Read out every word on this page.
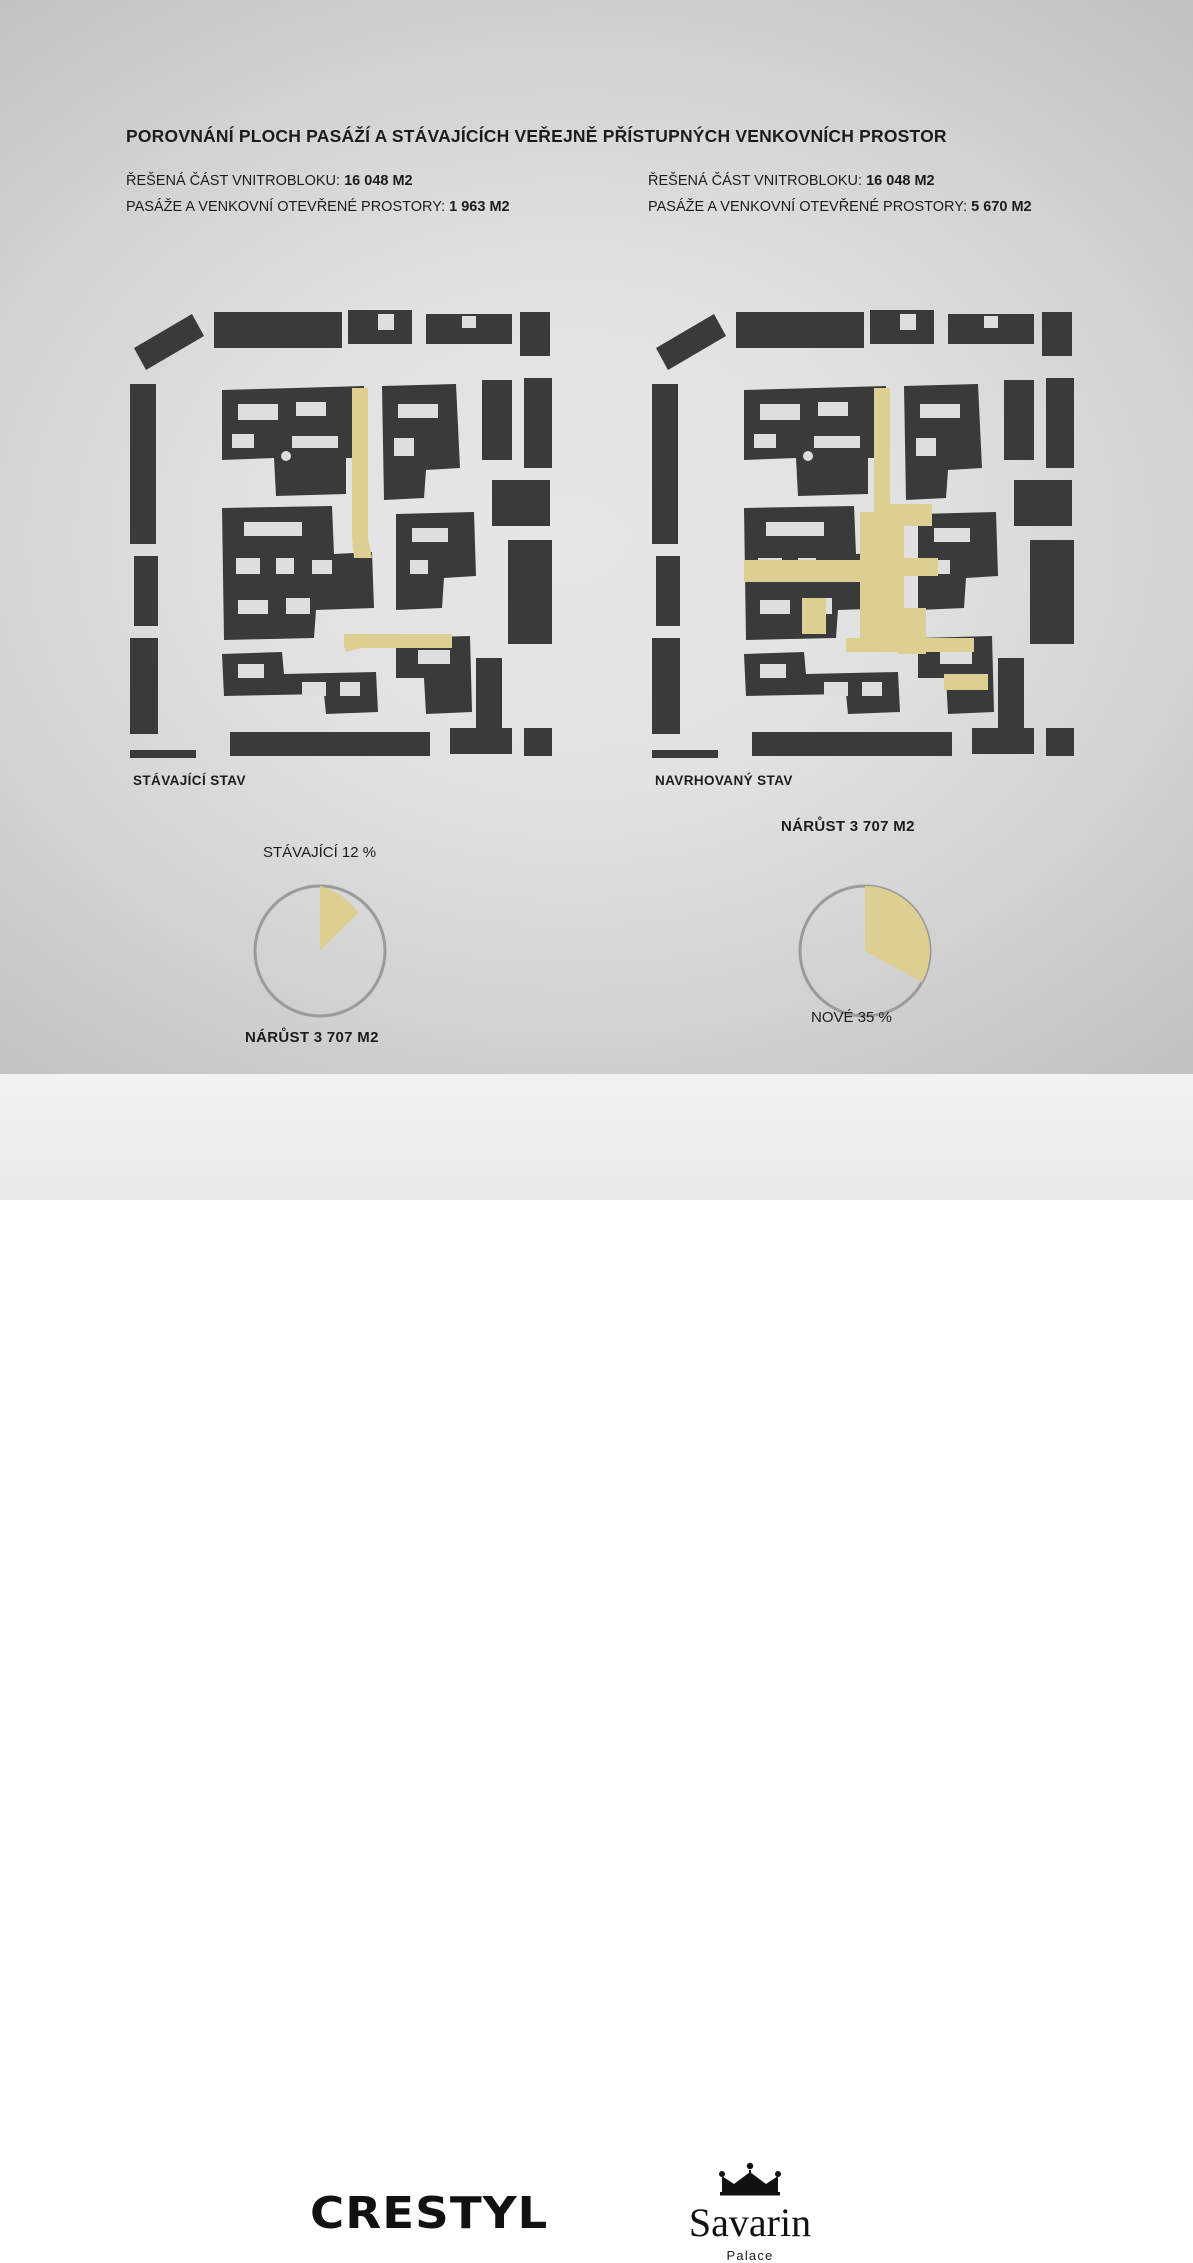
POROVNÁNÍ PLOCH PASÁŽÍ A STÁVAJÍCÍCH VEŘEJNĚ PŘÍSTUPNÝCH VENKOVNÍCH PROSTOR
ŘEŠENÁ ČÁST VNITROBLOKU: 16 048 M2
PASÁŽE A VENKOVNÍ OTEVŘENÉ PROSTORY: 1 963 M2
ŘEŠENÁ ČÁST VNITROBLOKU: 16 048 M2
PASÁŽE A VENKOVNÍ OTEVŘENÉ PROSTORY: 5 670 M2
STÁVAJÍCÍ STAV	NAVRHOVANÝ STAV
STÁVAJÍCÍ 12 %
NÁRŮST 3 707 M2
NÁRŮST 3 707 M2
NOVÉ 35 %
CRESTYL	Savarin
Palace
